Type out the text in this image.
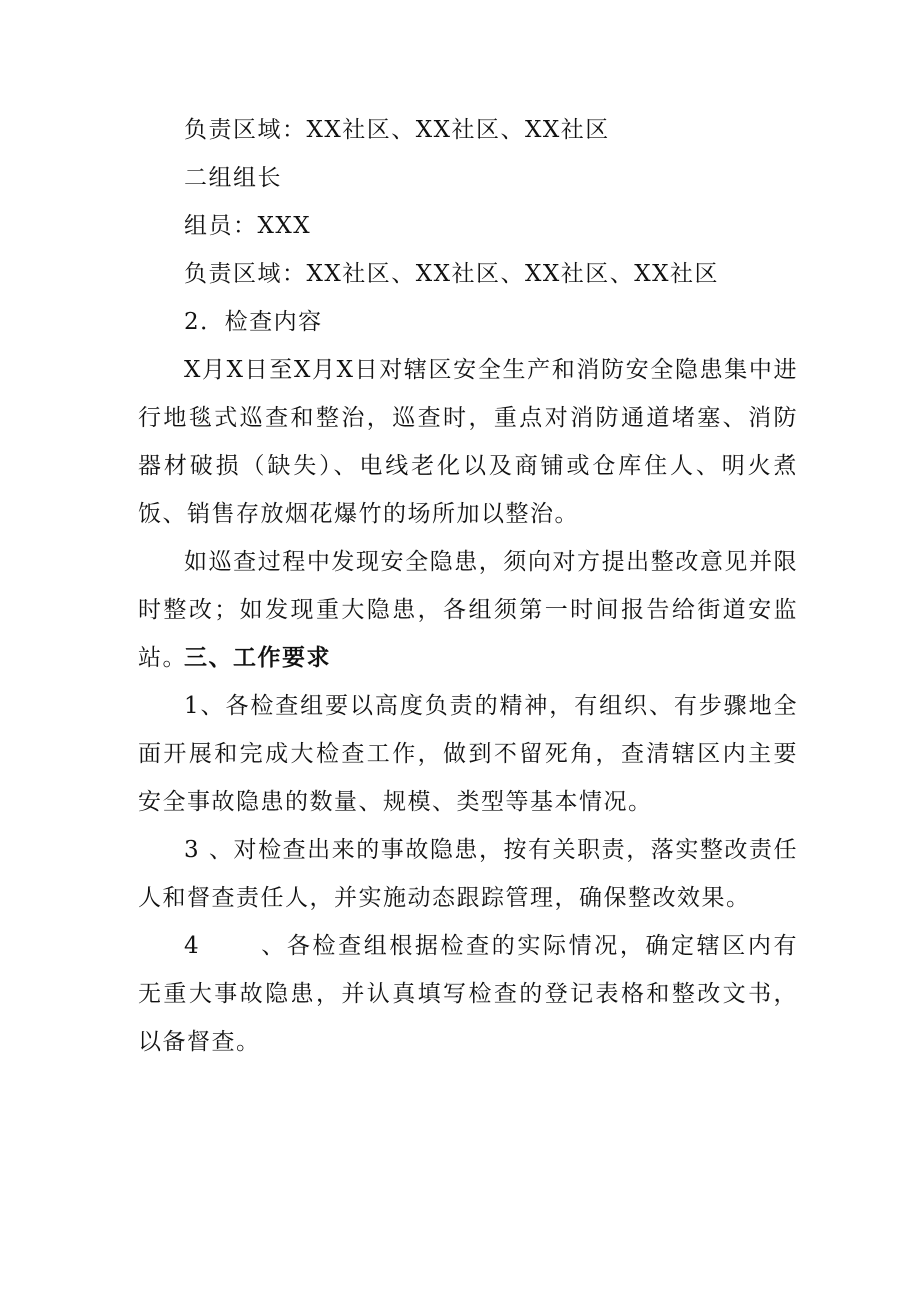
负责区域：XX社区、XX社区、XX社区
二组组长
组员：XXX
负责区域：XX社区、XX社区、XX社区、XX社区
2．检查内容

X月X日至X月X日对辖区安全生产和消防安全隐患集中进行地毯式巡查和整治，巡查时，重点对消防通道堵塞、消防器材破损（缺失）、电线老化以及商铺或仓库住人、明火煮饭、销售存放烟花爆竹的场所加以整治。

如巡查过程中发现安全隐患，须向对方提出整改意见并限时整改；如发现重大隐患，各组须第一时间报告给街道安监站。

三、工作要求

1、各检查组要以高度负责的精神，有组织、有步骤地全面开展和完成大检查工作，做到不留死角，查清辖区内主要安全事故隐患的数量、规模、类型等基本情况。

3 、对检查出来的事故隐患，按有关职责，落实整改责任人和督查责任人，并实施动态跟踪管理，确保整改效果。

4	、各检查组根据检查的实际情况，确定辖区内有无重大事故隐患，并认真填写检查的登记表格和整改文书，以备督查。
